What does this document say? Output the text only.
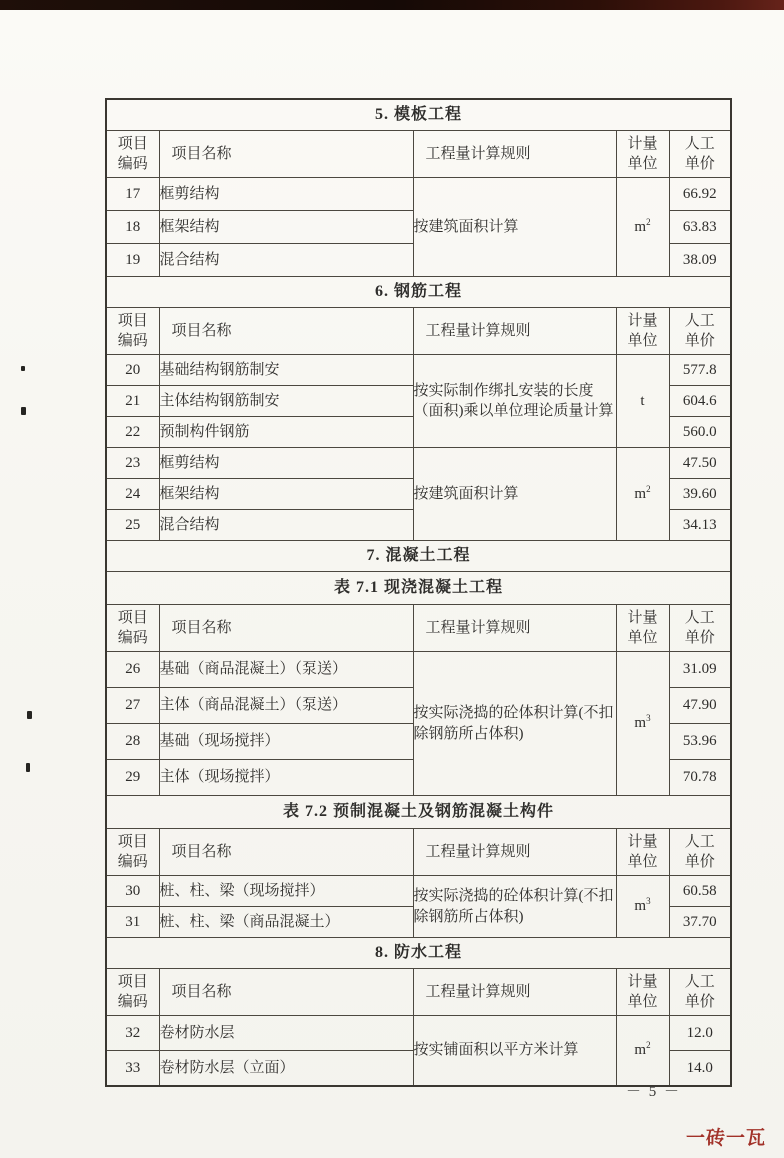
5. 模板工程				
项目编码	项目名称	工程量计算规则	计量单位	人工单价
17	框剪结构	按建筑面积计算	$m^2$	66.92
18	框架结构			63.83
19	混合结构			38.09
6. 钢筋工程				
项目编码	项目名称	工程量计算规则	计量单位	人工单价
20	基础结构钢筋制安	按实际制作绑扎安装的长度（面积)乘以单位理论质量计算	t	577.8
21	主体结构钢筋制安			604.6
22	预制构件钢筋			560.0
23	框剪结构	按建筑面积计算	$m^2$	47.50
24	框架结构			39.60
25	混合结构			34.13
7. 混凝土工程				
表 7.1 现浇混凝土工程				
项目编码	项目名称	工程量计算规则	计量单位	人工单价
26	基础（商品混凝土）（泵送）	按实际浇捣的砼体积计算(不扣除钢筋所占体积)	$m^3$	31.09
27	主体（商品混凝土）（泵送）			47.90
28	基础（现场搅拌）			53.96
29	主体（现场搅拌）			70.78
表 7.2 预制混凝土及钢筋混凝土构件				
项目编码	项目名称	工程量计算规则	计量单位	人工单价
30	桩、柱、梁（现场搅拌）	按实际浇捣的砼体积计算(不扣除钢筋所占体积)	$m^3$	60.58
31	桩、柱、梁（商品混凝土）			37.70
8. 防水工程				
项目编码	项目名称	工程量计算规则	计量单位	人工单价
32	卷材防水层	按实铺面积以平方米计算	$m^2$	12.0
33	卷材防水层（立面）			14.0
－ 5 －
一砖一瓦
